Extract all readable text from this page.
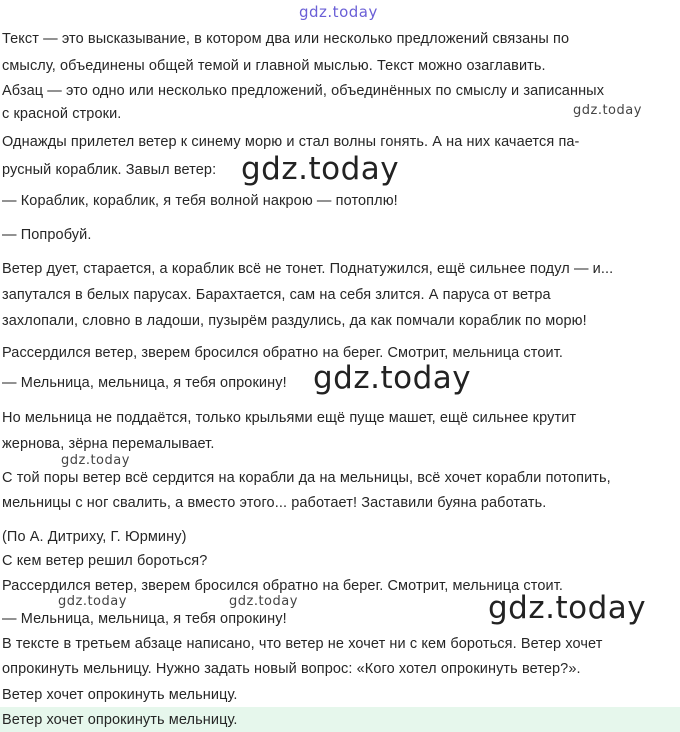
gdz.today
Текст — это высказывание, в котором два или несколько предложений связаны по
смыслу, объединены общей темой и главной мыслью. Текст можно озаглавить.
Абзац — это одно или несколько предложений, объединённых по смыслу и записанных
с красной строки.	gdz.today
Однажды прилетел ветер к синему морю и стал волны гонять. А на них качается па-
русный кораблик. Завыл ветер: gdz.today
— Кораблик, кораблик, я тебя волной накрою — потоплю!
— Попробуй.
Ветер дует, старается, а кораблик всё не тонет. Поднатужился, ещё сильнее подул — и...
запутался в белых парусах. Барахтается, сам на себя злится. А паруса от ветра
захлопали, словно в ладоши, пузырём раздулись, да как помчали кораблик по морю!
Рассердился ветер, зверем бросился обратно на берег. Смотрит, мельница стоит.
— Мельница, мельница, я тебя опрокину! gdz.today
Но мельница не поддаётся, только крыльями ещё пуще машет, ещё сильнее крутит
жернова, зёрна перемалывает.
gdz.today
С той поры ветер всё сердится на корабли да на мельницы, всё хочет корабли потопить,
мельницы с ног свалить, а вместо этого... работает! Заставили буяна работать.
(По А. Дитриху, Г. Юрмину)
С кем ветер решил бороться?
Рассердился ветер, зверем бросился обратно на берег. Смотрит, мельница стоит.
gdz.today	gdz.today	gdz.today
— Мельница, мельница, я тебя опрокину!
В тексте в третьем абзаце написано, что ветер не хочет ни с кем бороться. Ветер хочет
опрокинуть мельницу. Нужно задать новый вопрос: «Кого хотел опрокинуть ветер?».
Ветер хочет опрокинуть мельницу.
Ветер хочет опрокинуть мельницу.
